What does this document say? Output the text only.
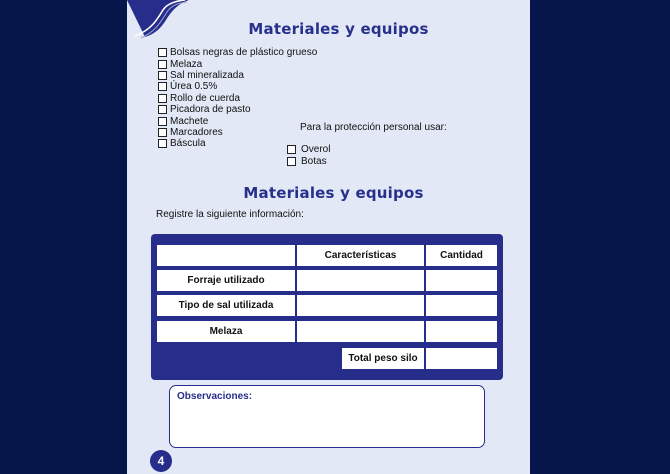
Materiales y equipos
Bolsas negras de plástico grueso
Melaza
Sal mineralizada
Úrea 0.5%
Rollo de cuerda
Picadora de pasto
Machete
Marcadores
Báscula
Para la protección personal usar:
Overol
Botas
Materiales y equipos
Registre la siguiente información:
Características	Cantidad
Forraje utilizado
Tipo de sal utilizada
Melaza
Total peso silo
Observaciones:
4
